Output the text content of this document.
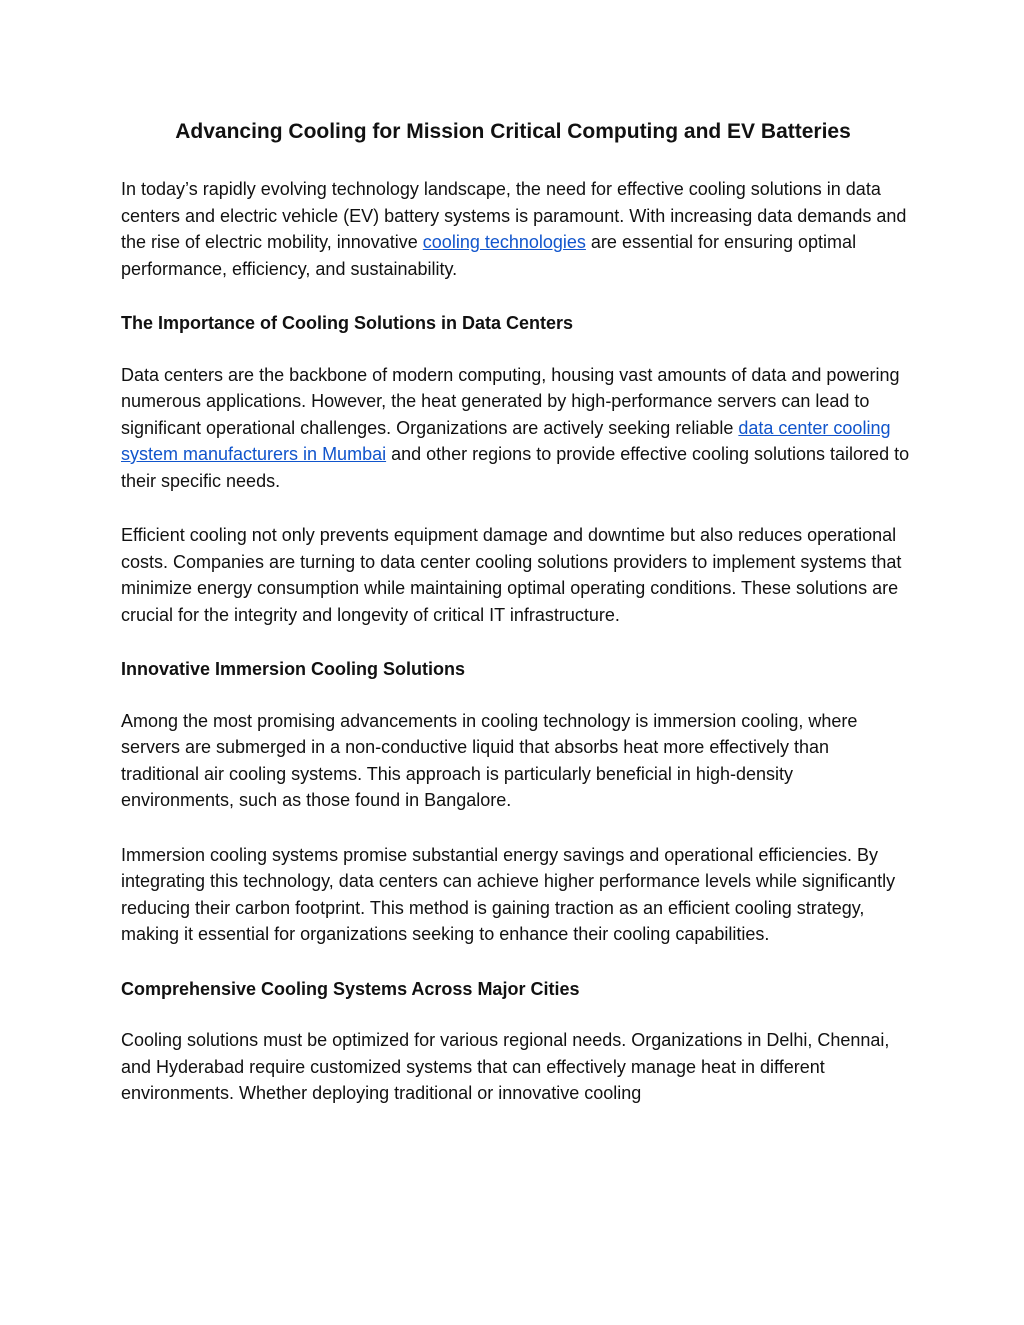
Advancing Cooling for Mission Critical Computing and EV Batteries

In today’s rapidly evolving technology landscape, the need for effective cooling solutions in data centers and electric vehicle (EV) battery systems is paramount. With increasing data demands and the rise of electric mobility, innovative cooling technologies are essential for ensuring optimal performance, efficiency, and sustainability.

The Importance of Cooling Solutions in Data Centers

Data centers are the backbone of modern computing, housing vast amounts of data and powering numerous applications. However, the heat generated by high-performance servers can lead to significant operational challenges. Organizations are actively seeking reliable data center cooling system manufacturers in Mumbai and other regions to provide effective cooling solutions tailored to their specific needs.

Efficient cooling not only prevents equipment damage and downtime but also reduces operational costs. Companies are turning to data center cooling solutions providers to implement systems that minimize energy consumption while maintaining optimal operating conditions. These solutions are crucial for the integrity and longevity of critical IT infrastructure.

Innovative Immersion Cooling Solutions

Among the most promising advancements in cooling technology is immersion cooling, where servers are submerged in a non-conductive liquid that absorbs heat more effectively than traditional air cooling systems. This approach is particularly beneficial in high-density environments, such as those found in Bangalore.

Immersion cooling systems promise substantial energy savings and operational efficiencies. By integrating this technology, data centers can achieve higher performance levels while significantly reducing their carbon footprint. This method is gaining traction as an efficient cooling strategy, making it essential for organizations seeking to enhance their cooling capabilities.

Comprehensive Cooling Systems Across Major Cities

Cooling solutions must be optimized for various regional needs. Organizations in Delhi, Chennai, and Hyderabad require customized systems that can effectively manage heat in different environments. Whether deploying traditional or innovative cooling
